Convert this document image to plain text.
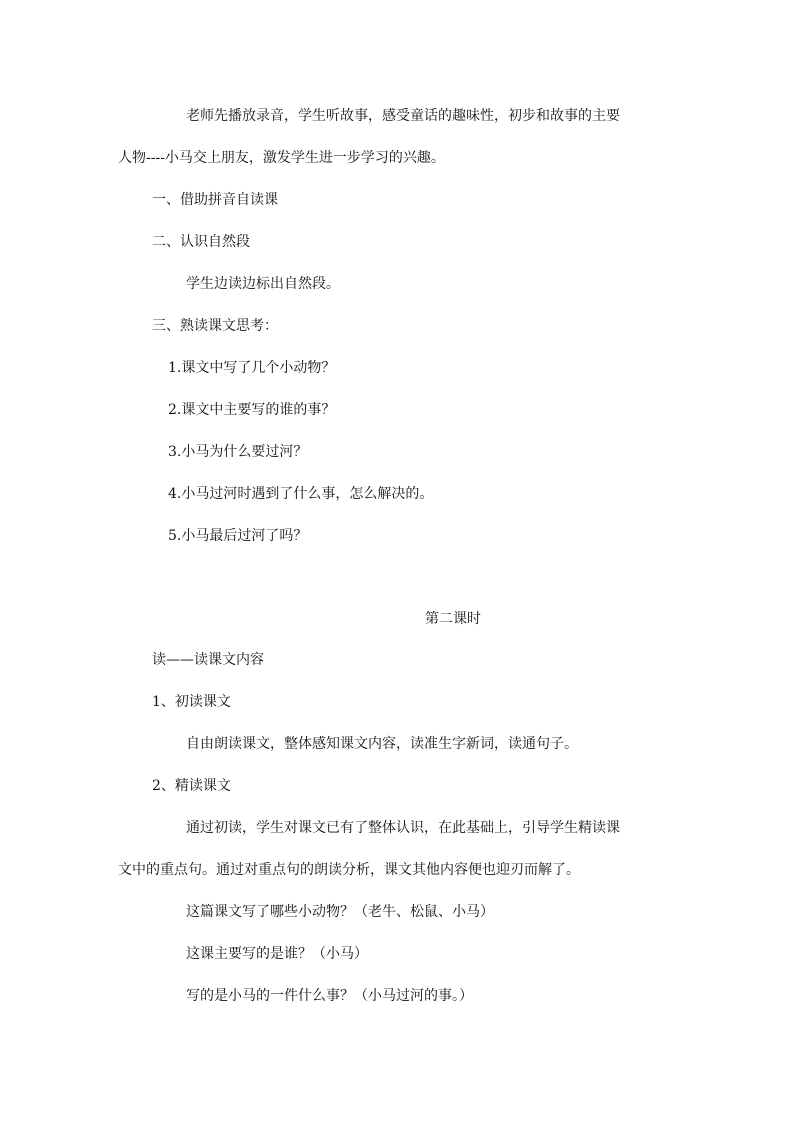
老师先播放录音，学生听故事，感受童话的趣味性，初步和故事的主要
人物----小马交上朋友，激发学生进一步学习的兴趣。
一、借助拼音自读课
二、认识自然段
学生边读边标出自然段。
三、熟读课文思考：
1.课文中写了几个小动物？
2.课文中主要写的谁的事？
3.小马为什么要过河？
4.小马过河时遇到了什么事，怎么解决的。
5.小马最后过河了吗？
第二课时
读——读课文内容
1、初读课文
自由朗读课文，整体感知课文内容，读准生字新词，读通句子。
2、精读课文
通过初读，学生对课文已有了整体认识，在此基础上，引导学生精读课
文中的重点句。通过对重点句的朗读分析，课文其他内容便也迎刃而解了。
这篇课文写了哪些小动物？（老牛、松鼠、小马）
这课主要写的是谁？（小马）
写的是小马的一件什么事？（小马过河的事。）
